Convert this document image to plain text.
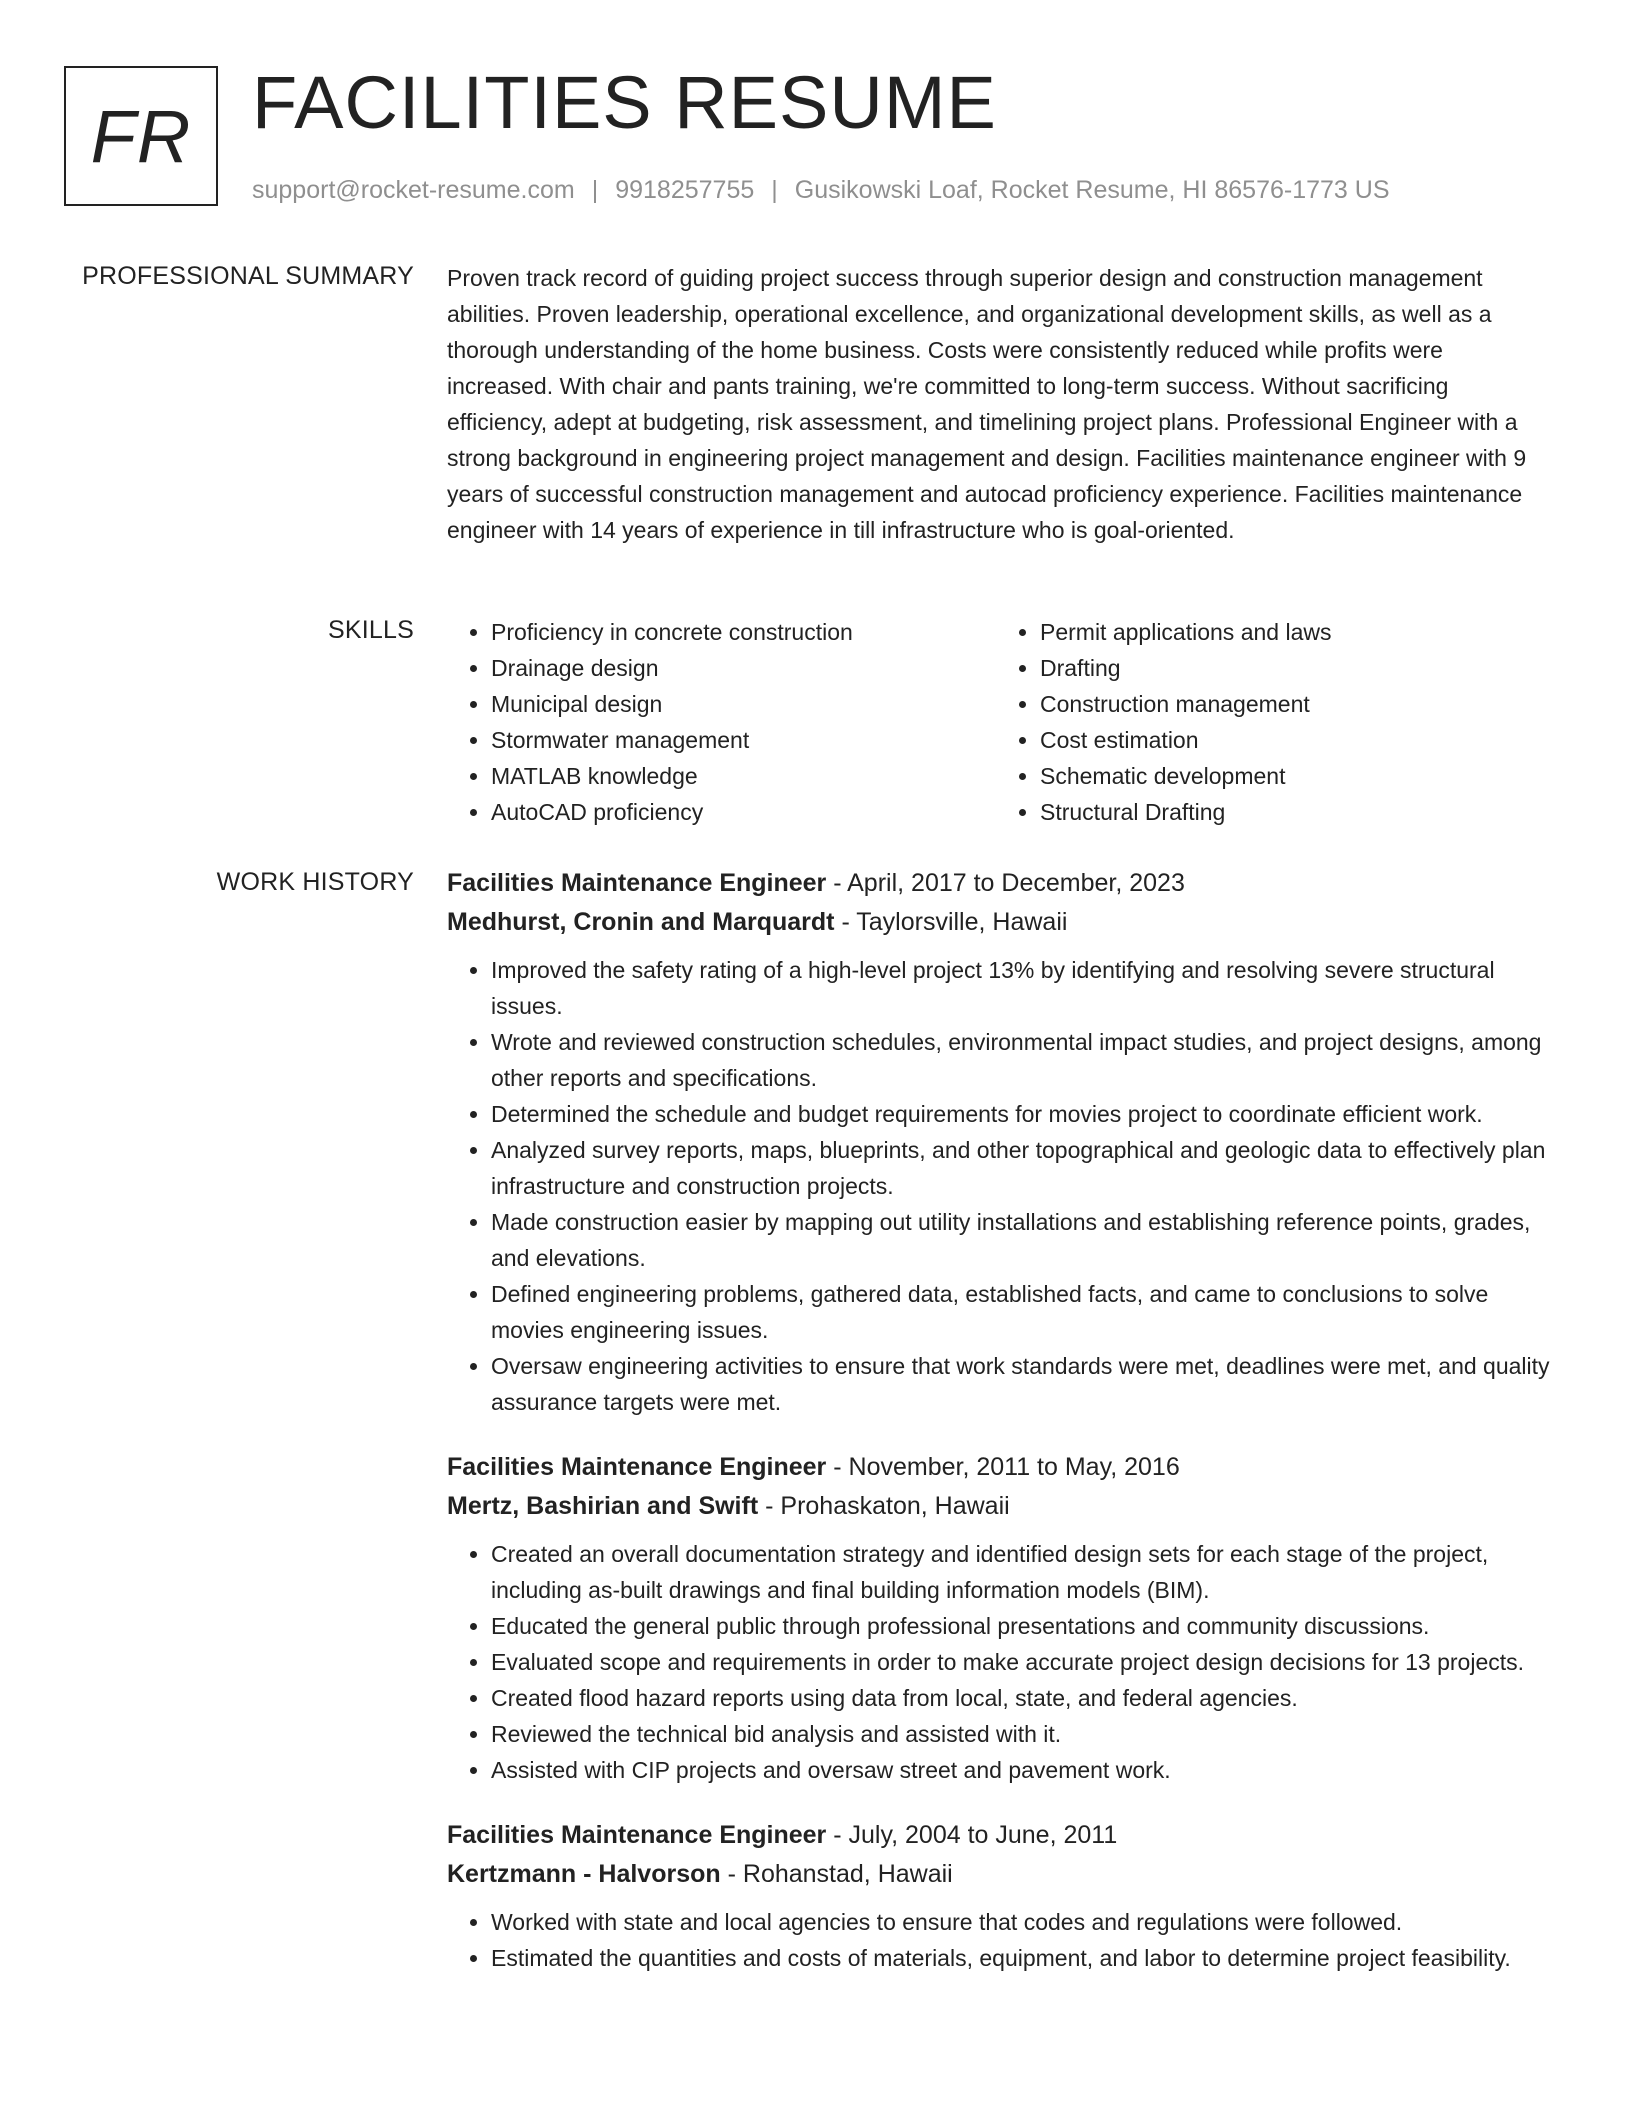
FR FACILITIES RESUME
support@rocket-resume.com | 9918257755 | Gusikowski Loaf, Rocket Resume, HI 86576-1773 US
PROFESSIONAL SUMMARY Proven track record of guiding project success through superior design and construction management abilities. Proven leadership, operational excellence, and organizational development skills, as well as a thorough understanding of the home business. Costs were consistently reduced while profits were increased. With chair and pants training, we're committed to long-term success. Without sacrificing efficiency, adept at budgeting, risk assessment, and timelining project plans. Professional Engineer with a strong background in engineering project management and design. Facilities maintenance engineer with 9 years of successful construction management and autocad proficiency experience. Facilities maintenance engineer with 14 years of experience in till infrastructure who is goal-oriented.

SKILLS
•	Proficiency in concrete construction
• Drainage design
• Municipal design
• Stormwater management
• MATLAB knowledge
• AutoCAD proficiency
• Permit applications and laws
• Drafting
• Construction management
• Cost estimation
• Schematic development
• Structural Drafting
WORK HISTORY Facilities Maintenance Engineer - April, 2017 to December, 2023
Medhurst, Cronin and Marquardt - Taylorsville, Hawaii
• Improved the safety rating of a high-level project 13% by identifying and resolving severe structural issues.
• Wrote and reviewed construction schedules, environmental impact studies, and project designs, among other reports and specifications.
• Determined the schedule and budget requirements for movies project to coordinate efficient work.
• Analyzed survey reports, maps, blueprints, and other topographical and geologic data to effectively plan infrastructure and construction projects.
• Made construction easier by mapping out utility installations and establishing reference points, grades, and elevations.
• Defined engineering problems, gathered data, established facts, and came to conclusions to solve movies engineering issues.
• Oversaw engineering activities to ensure that work standards were met, deadlines were met, and quality assurance targets were met.
Facilities Maintenance Engineer - November, 2011 to May, 2016
Mertz, Bashirian and Swift - Prohaskaton, Hawaii
• Created an overall documentation strategy and identified design sets for each stage of the project, including as-built drawings and final building information models (BIM).
• Educated the general public through professional presentations and community discussions.
• Evaluated scope and requirements in order to make accurate project design decisions for 13 projects.
• Created flood hazard reports using data from local, state, and federal agencies.
• Reviewed the technical bid analysis and assisted with it.
• Assisted with CIP projects and oversaw street and pavement work.
Facilities Maintenance Engineer - July, 2004 to June, 2011
Kertzmann - Halvorson - Rohanstad, Hawaii
• Worked with state and local agencies to ensure that codes and regulations were followed.
• Estimated the quantities and costs of materials, equipment, and labor to determine project feasibility.
